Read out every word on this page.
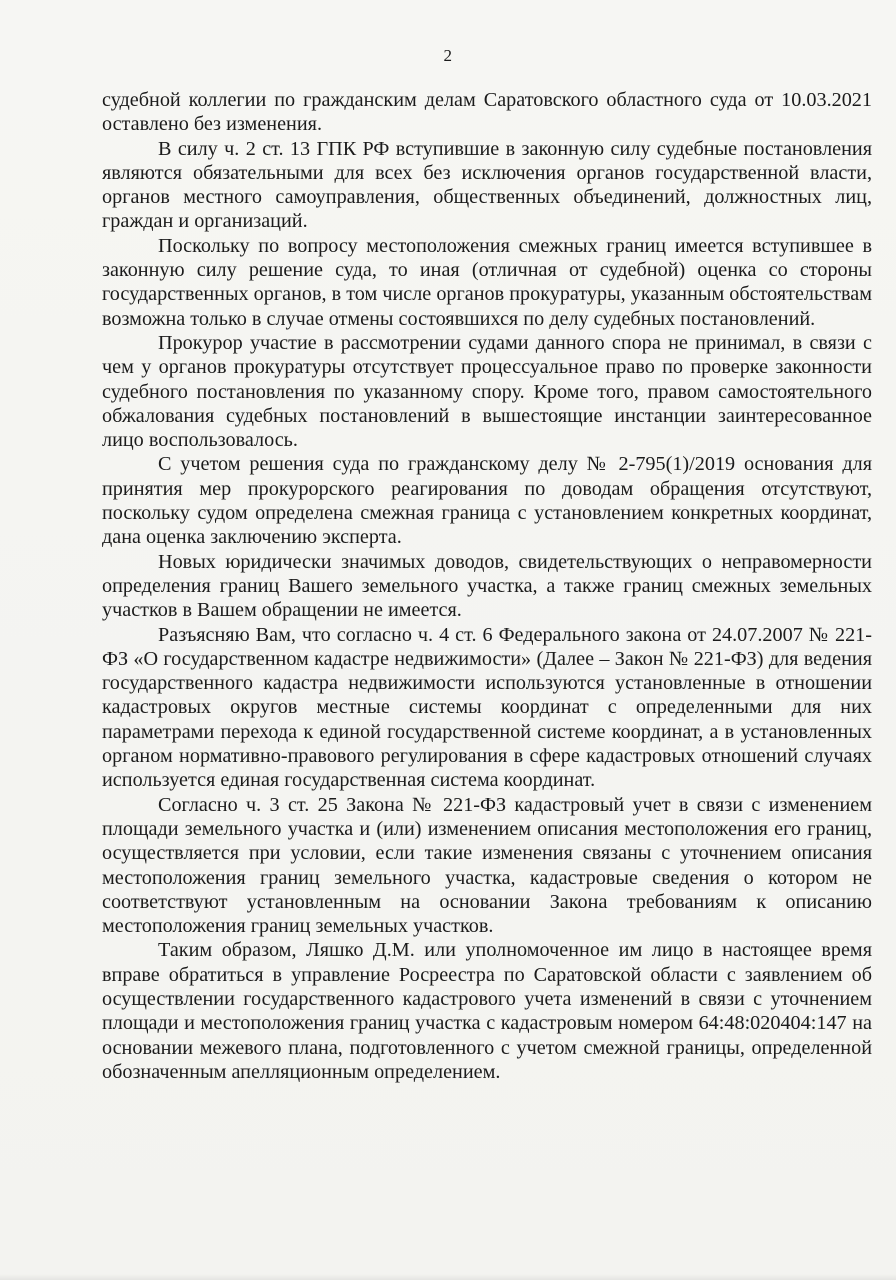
2

судебной коллегии по гражданским делам Саратовского областного суда от 10.03.2021 оставлено без изменения.

В силу ч. 2 ст. 13 ГПК РФ вступившие в законную силу судебные постановления являются обязательными для всех без исключения органов государственной власти, органов местного самоуправления, общественных объединений, должностных лиц, граждан и организаций.

Поскольку по вопросу местоположения смежных границ имеется вступившее в законную силу решение суда, то иная (отличная от судебной) оценка со стороны государственных органов, в том числе органов прокуратуры, указанным обстоятельствам возможна только в случае отмены состоявшихся по делу судебных постановлений.

Прокурор участие в рассмотрении судами данного спора не принимал, в связи с чем у органов прокуратуры отсутствует процессуальное право по проверке законности судебного постановления по указанному спору. Кроме того, правом самостоятельного обжалования судебных постановлений в вышестоящие инстанции заинтересованное лицо воспользовалось.

С учетом решения суда по гражданскому делу № 2-795(1)/2019 основания для принятия мер прокурорского реагирования по доводам обращения отсутствуют, поскольку судом определена смежная граница с установлением конкретных координат, дана оценка заключению эксперта.

Новых юридически значимых доводов, свидетельствующих о неправомерности определения границ Вашего земельного участка, а также границ смежных земельных участков в Вашем обращении не имеется.

Разъясняю Вам, что согласно ч. 4 ст. 6 Федерального закона от 24.07.2007 № 221-ФЗ «О государственном кадастре недвижимости» (Далее – Закон № 221-ФЗ) для ведения государственного кадастра недвижимости используются установленные в отношении кадастровых округов местные системы координат с определенными для них параметрами перехода к единой государственной системе координат, а в установленных органом нормативно-правового регулирования в сфере кадастровых отношений случаях используется единая государственная система координат.

Согласно ч. 3 ст. 25 Закона № 221-ФЗ кадастровый учет в связи с изменением площади земельного участка и (или) изменением описания местоположения его границ, осуществляется при условии, если такие изменения связаны с уточнением описания местоположения границ земельного участка, кадастровые сведения о котором не соответствуют установленным на основании Закона требованиям к описанию местоположения границ земельных участков.

Таким образом, Ляшко Д.М. или уполномоченное им лицо в настоящее время вправе обратиться в управление Росреестра по Саратовской области с заявлением об осуществлении государственного кадастрового учета изменений в связи с уточнением площади и местоположения границ участка с кадастровым номером 64:48:020404:147 на основании межевого плана, подготовленного с учетом смежной границы, определенной обозначенным апелляционным определением.
